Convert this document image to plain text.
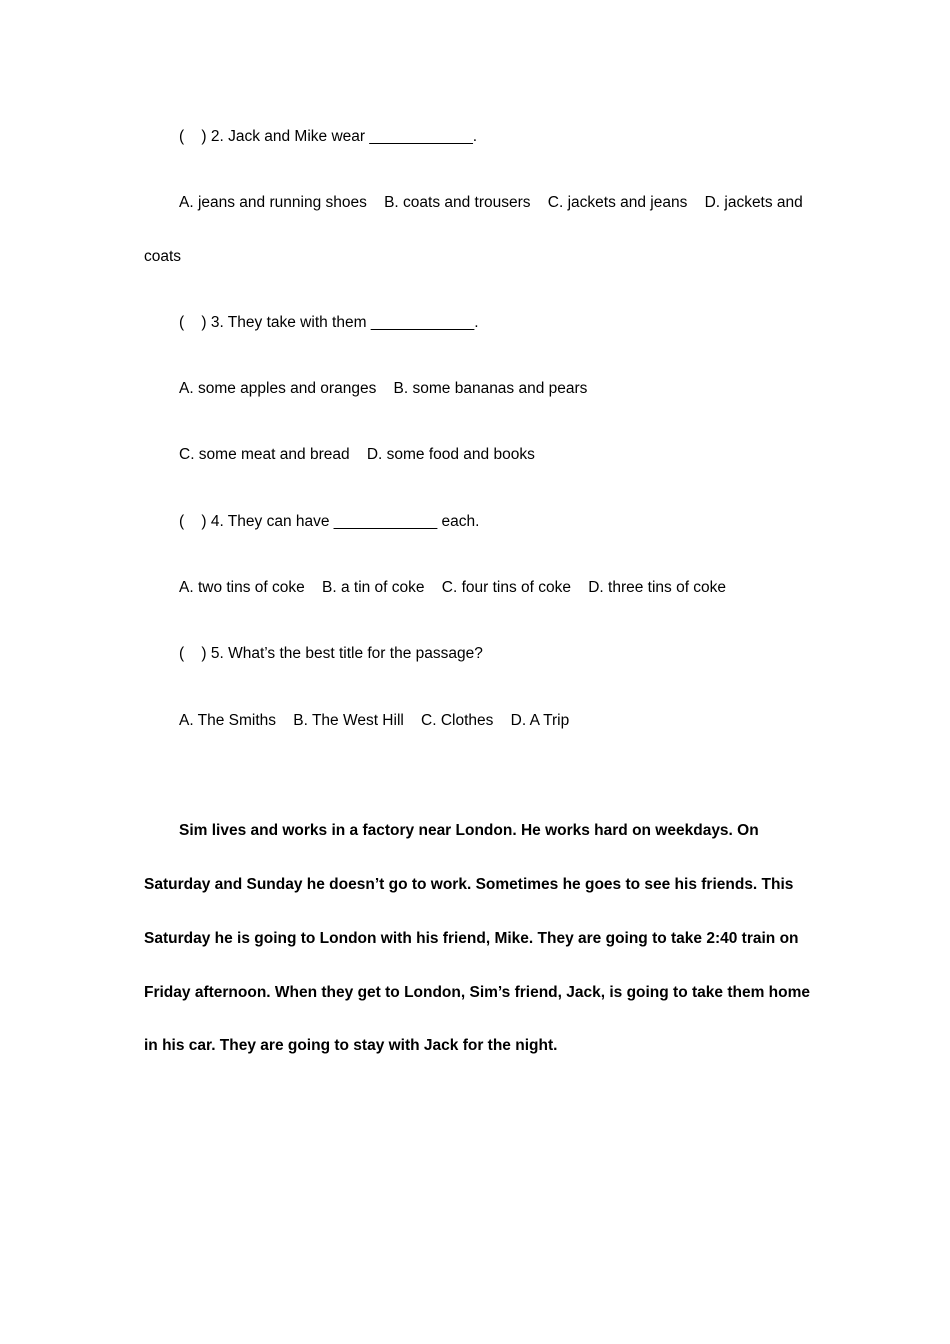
(    ) 2. Jack and Mike wear ____________.
A. jeans and running shoes    B. coats and trousers    C. jackets and jeans    D. jackets and
coats
(    ) 3. They take with them ____________.
A. some apples and oranges    B. some bananas and pears
C. some meat and bread    D. some food and books
(    ) 4. They can have ____________ each.
A. two tins of coke    B. a tin of coke    C. four tins of coke    D. three tins of coke
(    ) 5. What’s the best title for the passage?
A. The Smiths    B. The West Hill    C. Clothes    D. A Trip
Sim lives and works in a factory near London. He works hard on weekdays. On
Saturday and Sunday he doesn’t go to work. Sometimes he goes to see his friends. This
Saturday he is going to London with his friend, Mike. They are going to take 2:40 train on
Friday afternoon. When they get to London, Sim’s friend, Jack, is going to take them home
in his car. They are going to stay with Jack for the night.
